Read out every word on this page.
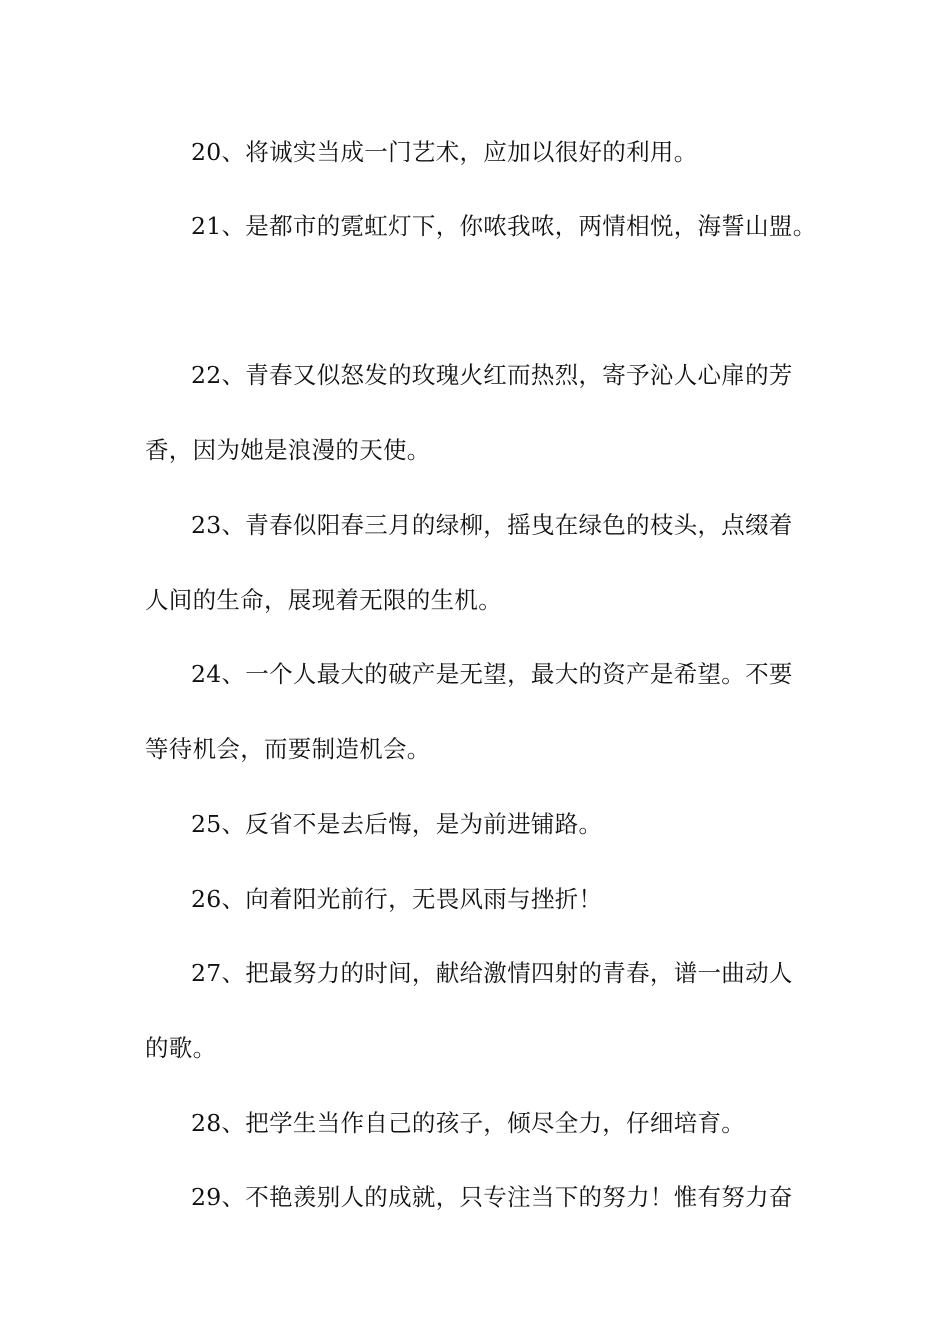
20、将诚实当成一门艺术，应加以很好的利用。
21、是都市的霓虹灯下，你哝我哝，两情相悦，海誓山盟。
22、青春又似怒发的玫瑰火红而热烈，寄予沁人心扉的芳
香，因为她是浪漫的天使。
23、青春似阳春三月的绿柳，摇曳在绿色的枝头，点缀着
人间的生命，展现着无限的生机。
24、一个人最大的破产是无望，最大的资产是希望。不要
等待机会，而要制造机会。
25、反省不是去后悔，是为前进铺路。
26、向着阳光前行，无畏风雨与挫折！
27、把最努力的时间，献给激情四射的青春，谱一曲动人
的歌。
28、把学生当作自己的孩子，倾尽全力，仔细培育。
29、不艳羡别人的成就，只专注当下的努力！惟有努力奋
